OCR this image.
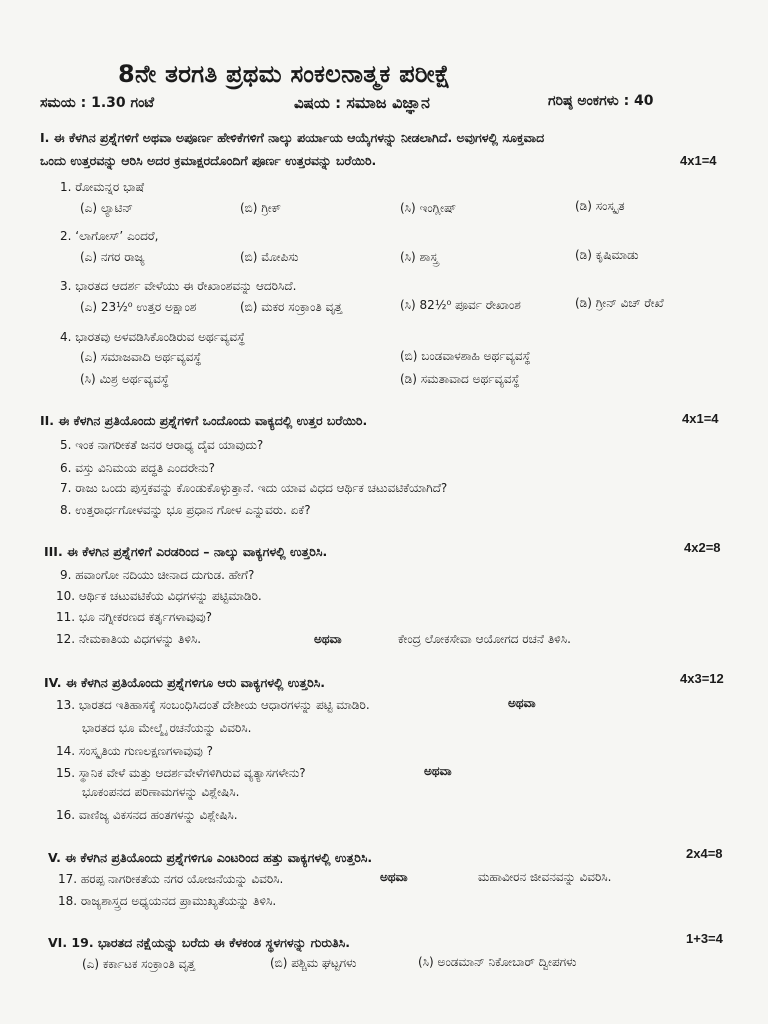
8ನೇ ತರಗತಿ ಪ್ರಥಮ ಸಂಕಲನಾತ್ಮಕ ಪರೀಕ್ಷೆ
ಸಮಯ : 1.30 ಗಂಟೆ	ವಿಷಯ : ಸಮಾಜ ವಿಜ್ಞಾನ	ಗರಿಷ್ಠ ಅಂಕಗಳು : 40
I. ಈ ಕೆಳಗಿನ ಪ್ರಶ್ನೆಗಳಿಗೆ ಅಥವಾ ಅಪೂರ್ಣ ಹೇಳಿಕೆಗಳಿಗೆ ನಾಲ್ಕು ಪರ್ಯಾಯ ಆಯ್ಕೆಗಳನ್ನು ನೀಡಲಾಗಿದೆ. ಅವುಗಳಲ್ಲಿ ಸೂಕ್ತವಾದ
ಒಂದು ಉತ್ತರವನ್ನು ಆರಿಸಿ ಅದರ ಕ್ರಮಾಕ್ಷರದೊಂದಿಗೆ ಪೂರ್ಣ ಉತ್ತರವನ್ನು ಬರೆಯಿರಿ.	4x1=4
1. ರೋಮನ್ನರ ಭಾಷೆ
(ಎ) ಲ್ಯಾಟಿನ್	(ಬಿ) ಗ್ರೀಕ್	(ಸಿ) ಇಂಗ್ಲೀಷ್	(ಡಿ) ಸಂಸ್ಕೃತ
2. ‘ಲಾಗೋಸ್’ ಎಂದರೆ,
(ಎ) ನಗರ ರಾಜ್ಯ	(ಬಿ) ಮೋಪಿಸು	(ಸಿ) ಶಾಸ್ತ್ರ	(ಡಿ) ಕೃಷಿಮಾಡು
3. ಭಾರತದ ಆದರ್ಶ ವೇಳೆಯು ಈ ರೇಖಾಂಶವನ್ನು ಆದರಿಸಿದೆ.
(ಎ) 23½⁰ ಉತ್ತರ ಅಕ್ಷಾಂಶ	(ಬಿ) ಮಕರ ಸಂಕ್ರಾಂತಿ ವೃತ್ತ	(ಸಿ) 82½⁰ ಪೂರ್ವ ರೇಖಾಂಶ	(ಡಿ) ಗ್ರೀನ್ ವಿಚ್ ರೇಖೆ
4. ಭಾರತವು ಅಳವಡಿಸಿಕೊಂಡಿರುವ ಅರ್ಥವ್ಯವಸ್ಥೆ
(ಎ) ಸಮಾಜವಾದಿ ಅರ್ಥವ್ಯವಸ್ಥೆ	(ಬಿ) ಬಂಡವಾಳಶಾಹಿ ಅರ್ಥವ್ಯವಸ್ಥೆ
(ಸಿ) ಮಿಶ್ರ ಅರ್ಥವ್ಯವಸ್ಥೆ	(ಡಿ) ಸಮತಾವಾದ ಅರ್ಥವ್ಯವಸ್ಥೆ
II. ಈ ಕೆಳಗಿನ ಪ್ರತಿಯೊಂದು ಪ್ರಶ್ನೆಗಳಿಗೆ ಒಂದೊಂದು ವಾಕ್ಯದಲ್ಲಿ ಉತ್ತರ ಬರೆಯಿರಿ.	4x1=4
5. ಇಂಕ ನಾಗರೀಕತೆ ಜನರ ಆರಾಧ್ಯ ದೈವ ಯಾವುದು?
6. ವಸ್ತು ವಿನಿಮಯ ಪದ್ಧತಿ ಎಂದರೇನು?
7. ರಾಜು ಒಂದು ಪುಸ್ತಕವನ್ನು ಕೊಂಡುಕೊಳ್ಳುತ್ತಾನೆ. ಇದು ಯಾವ ವಿಧದ ಆರ್ಥಿಕ ಚಟುವಟಿಕೆಯಾಗಿದೆ?
8. ಉತ್ತರಾರ್ಧಗೋಳವನ್ನು ಭೂ ಪ್ರಧಾನ ಗೋಳ ಎನ್ನುವರು. ಏಕೆ?
III. ಈ ಕೆಳಗಿನ ಪ್ರಶ್ನೆಗಳಿಗೆ ಎರಡರಿಂದ – ನಾಲ್ಕು ವಾಕ್ಯಗಳಲ್ಲಿ ಉತ್ತರಿಸಿ.	4x2=8
9. ಹವಾಂಗೋ ನದಿಯು ಚೀನಾದ ದುಗುಡ. ಹೇಗೆ?
10. ಆರ್ಥಿಕ ಚಟುವಟಿಕೆಯ ವಿಧಗಳನ್ನು ಪಟ್ಟಿಮಾಡಿರಿ.
11. ಭೂ ನಗ್ನೀಕರಣದ ಕರ್ತೃಗಳಾವುವು?
12. ನೇಮಕಾತಿಯ ವಿಧಗಳನ್ನು ತಿಳಿಸಿ.	ಅಥವಾ	ಕೇಂದ್ರ ಲೋಕಸೇವಾ ಆಯೋಗದ ರಚನೆ ತಿಳಿಸಿ.
IV. ಈ ಕೆಳಗಿನ ಪ್ರತಿಯೊಂದು ಪ್ರಶ್ನೆಗಳಿಗೂ ಆರು ವಾಕ್ಯಗಳಲ್ಲಿ ಉತ್ತರಿಸಿ.	4x3=12
13. ಭಾರತದ ಇತಿಹಾಸಕ್ಕೆ ಸಂಬಂಧಿಸಿದಂತೆ ದೇಶೀಯ ಆಧಾರಗಳನ್ನು ಪಟ್ಟಿ ಮಾಡಿರಿ.	ಅಥವಾ
ಭಾರತದ ಭೂ ಮೇಲ್ಮೈ ರಚನೆಯನ್ನು ವಿವರಿಸಿ.
14. ಸಂಸ್ಕೃತಿಯ ಗುಣಲಕ್ಷಣಗಳಾವುವು ?
15. ಸ್ಥಾನಿಕ ವೇಳೆ ಮತ್ತು ಆದರ್ಶವೇಳೆಗಳಿಗಿರುವ ವ್ಯತ್ಯಾಸಗಳೇನು?	ಅಥವಾ
ಭೂಕಂಪನದ ಪರಿಣಾಮಗಳನ್ನು ವಿಶ್ಲೇಷಿಸಿ.
16. ವಾಣಿಜ್ಯ ವಿಕಸನದ ಹಂತಗಳನ್ನು ವಿಶ್ಲೇಷಿಸಿ.
V. ಈ ಕೆಳಗಿನ ಪ್ರತಿಯೊಂದು ಪ್ರಶ್ನೆಗಳಿಗೂ ಎಂಟರಿಂದ ಹತ್ತು ವಾಕ್ಯಗಳಲ್ಲಿ ಉತ್ತರಿಸಿ.	2x4=8
17. ಹರಪ್ಪ ನಾಗರೀಕತೆಯ ನಗರ ಯೋಜನೆಯನ್ನು ವಿವರಿಸಿ.	ಅಥವಾ	ಮಹಾವೀರನ ಜೀವನವನ್ನು ವಿವರಿಸಿ.
18. ರಾಜ್ಯಶಾಸ್ತ್ರದ ಅಧ್ಯಯನದ ಪ್ರಾಮುಖ್ಯತೆಯನ್ನು ತಿಳಿಸಿ.
VI. 19. ಭಾರತದ ನಕ್ಷೆಯನ್ನು ಬರೆದು ಈ ಕೆಳಕಂಡ ಸ್ಥಳಗಳನ್ನು ಗುರುತಿಸಿ.	1+3=4
(ಎ) ಕರ್ಕಾಟಕ ಸಂಕ್ರಾಂತಿ ವೃತ್ತ	(ಬಿ) ಪಶ್ಚಿಮ ಘಟ್ಟಗಳು	(ಸಿ) ಅಂಡಮಾನ್ ನಿಕೋಬಾರ್ ದ್ವೀಪಗಳು
